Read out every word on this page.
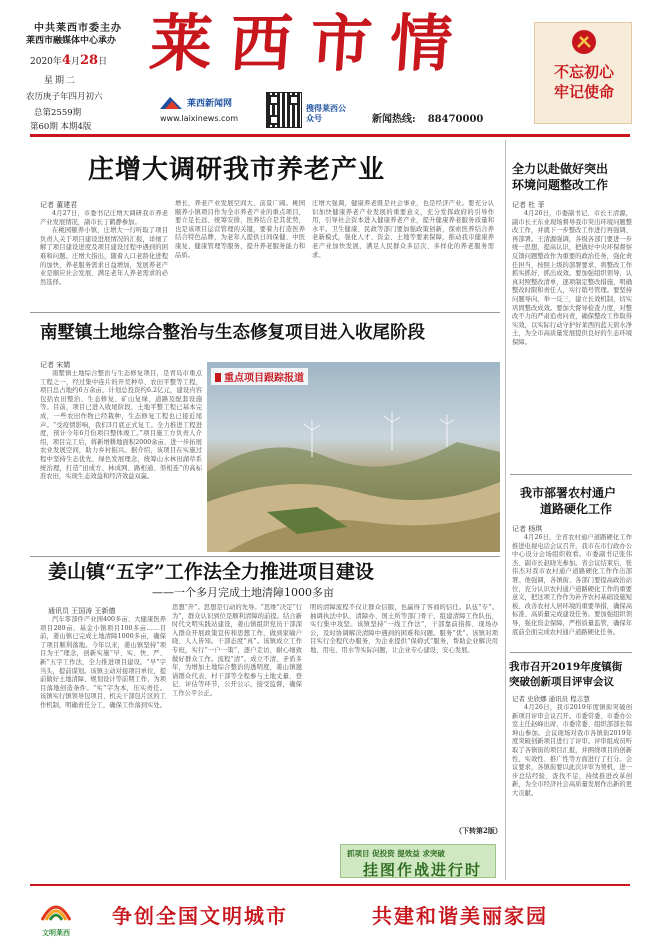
中共莱西市委主办
莱西市融媒体中心承办
2020年4月28日
星期二
农历庚子年四月初六
总第2559期
第60期 本期4版
莱西市情
莱西新闻网
www.laixinews.com
搜得莱西公众号	新闻热线: 88470000
不忘初心
牢记使命
庄增大调研我市养老产业
记者 董建君

4月27日，市委书记庄增大调研我市养老产业发展情况，副市长丁鹤静参加。

在桃园颐养小镇，庄增大一行听取了项目负责人关于项目建设进展情况的汇报，详细了解了项目建设进度及项目建设过程中遇到的困难和问题。庄增大指出，随着人口老龄化进程的加快，养老服务需求日益增加，发展养老产业是顺应社会发展、满足老年人养老需求的必然选择。

增长，养老产业发展空间大、前景广阔。桃园颐养小镇项目作为全市养老产业的重点项目，要立足长远、统筹安排，医养结合是其优势，也是该项目运营管理的关键，要着力打造医养结合特色品牌，为老年人提供日间保健、中医康复、健康管理等服务，提升养老服务能力和品质。
庄增大强调，健康养老既是社会事业，也是经济产业。要充分认识加快健康养老产业发展的重要意义，充分发挥政府的引导作用，引导社会资本进入健康养老产业，提升健康养老服务质量和水平。卫生健康、民政等部门要加强政策创新，探索医养结合养老新模式，强化人才、资金、土地等要素保障，推动我市健康养老产业加快发展，满足人民群众多层次、多样化的养老服务需求。
南墅镇土地综合整治与生态修复项目进入收尾阶段
记者 宋婧
南墅镇土地综合整治与生态修复项目，是青岛市重点工程之一，经过集中连片的开荒种草、农田平整等工程，项目总占地约6万余亩，计划总投资约6.2亿元，建设内容包括农田整治、生态修复、矿山复绿、道路及配套设施等。目前，项目已进入收尾阶段，土地平整工程已基本完成，一些农田作物已经栽种，生态修复工程也已接近尾声。“受疫情影响，我们3月底正式复工。全力推进工程进度，预计今年6月份项目整体竣工。”项目施工方负责人介绍，项目完工后，将新增耕地面积2000余亩，进一步拓展农业发展空间，助力乡村振兴。据介绍，该项目在实施过程中坚持生态优先、绿色发展理念，统筹山水林田湖草系统治理，打造“田成方、林成网、路相通、渠相连”的高标准农田，实现生态效益和经济效益双赢。
重点项目跟踪报道
姜山镇“五字”工作法全力推进项目建设
——一个多月完成土地清障1000多亩
通讯员 王国涛 王新德
汽车零部件产业园400多亩、大健康医养项目289亩、基金小镇项目100多亩……目前，姜山镇已完成土地清障1000多亩，确保了项目顺利落地。今年以来，姜山镇坚持“项目为王”理念，创新实施“早、实、快、严、新”五字工作法，全力推进项目建设。“早”字当头，提前谋划。该镇主动对接项目单位，提前做好土地清障、规划设计等前期工作，为项目落地创造条件。“实”字为本，压实责任。该镇实行镇领导包项目、机关干部包片区的工作机制，明确责任分工，确保工作落到实处。
思想“开”。思想是行动的先导。“思维”决定“行为”，群众认识到位是顺利清障的前提。结合新时代文明实践站建设，姜山镇组织党员干部深入群众开展政策宣传和思想工作，做到家喻户晓、人人皆知。干部态度“真”。该镇成立工作专班，实行“一户一策”，逐户走访，耐心细致做好群众工作。流程“清”。成立不清、矛盾多年，为增加土地综合整治的透明度，姜山镇邀请群众代表、村干部等全程参与土地丈量、登记、评估等环节，公开公示，接受监督，确保工作公平公正。
明的清障流程不仅让群众信服，也赢得了客商的信任。队伍“专”。抽调执法中队、清障办、国土所等部门骨干，组建清障工作队伍，实行集中攻坚。该镇坚持“一线工作法”，干部靠前指挥、现场办公，及时协调解决清障中遇到的困难和问题。服务“优”。该镇对项目实行全程代办服务，为企业提供“保姆式”服务，帮助企业解决用地、用电、用水等实际问题，让企业专心建设、安心发展。
（下转第2版）
抓项目 促投资 提效益 求突破
挂图作战进行时
全力以赴做好突出
环境问题整改工作
记者 杜 菲
4月26日，市委副书记、市长王清源，副市长王东业现场督导我市突出环境问题整改工作，并就下一步整改工作进行再强调、再部署。王清源强调，各级各部门要进一步统一思想，提高认识，把做好中央环保督察反馈问题整改作为重要的政治任务，强化责任担当，按照上级的部署要求，将整改工作抓实抓好、抓出成效。要加强组织领导，认真对照整改清单，逐项制定整改措施，明确整改时限和责任人，实行销号管理。要坚持问题导向，举一反三，建立长效机制，切实巩固整改成效。要加大督导检查力度，对整改不力的严肃追责问责，确保整改工作取得实效，以实际行动守护好莱西的蓝天碧水净土，为全市高质量发展提供良好的生态环境保障。
我市部署农村通户
道路硬化工作
记者 杨琪
4月26日，全省农村通户道路硬化工作推进电视电话会议召开，我市在市行政办公中心设分会场组织收看。市委副书记张伟杰、副市长赵晓光参加。省会议结束后，张伟杰对我市农村通户道路硬化工作作出部署。他强调，各镇街、各部门要提高政治站位，充分认识农村通户道路硬化工作的重要意义，把这项工作作为补齐农村基础设施短板、改善农村人居环境的重要举措，确保高标准、高质量完成建设任务。要加强组织领导，强化资金保障，严格质量监管，确保年底前全面完成农村通户道路硬化任务。
我市召开2019年度镇街
突破创新项目评审会议
记者 史欣娜 通讯员 程志慧
4月26日，我市2019年度镇街突破创新项目评审会议召开。市委常委、市委办公室主任赵峰出席，市委常委、组织部部长韩坤山参加。会议现场对我市各镇街2019年度突破创新项目进行了评审。评审组成员听取了各镇街的项目汇报，并围绕项目的创新性、实效性、推广性等方面进行了打分。会议要求，各镇街要以此次评审为契机，进一步总结经验、查找不足，持续推进改革创新，为全市经济社会高质量发展作出新的更大贡献。
文明莱西
争创全国文明城市	共建和谐美丽家园
